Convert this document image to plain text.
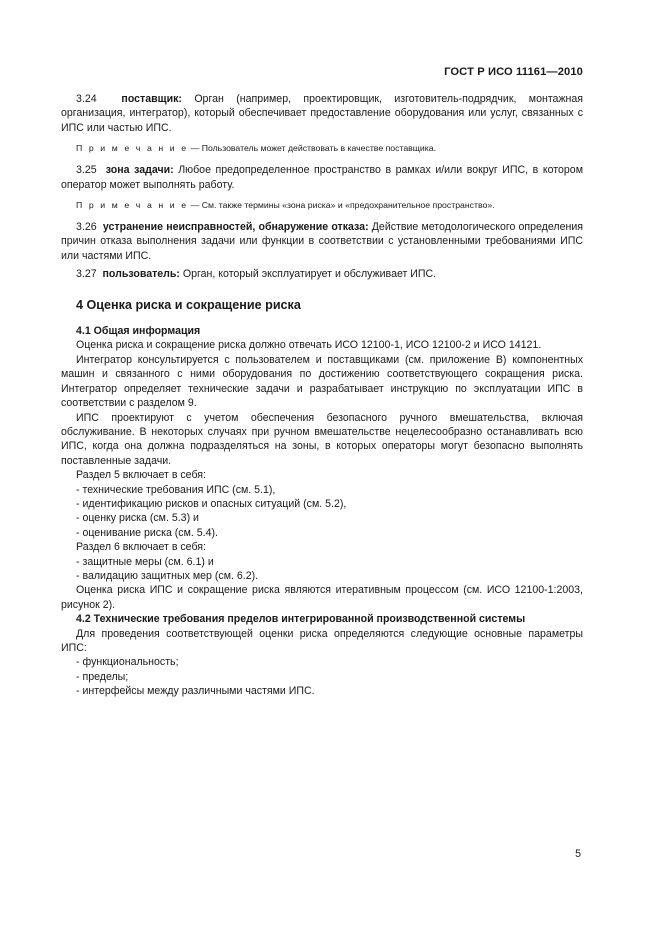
ГОСТ Р ИСО 11161—2010

3.24 поставщик: Орган (например, проектировщик, изготовитель-подрядчик, монтажная организация, интегратор), который обеспечивает предоставление оборудования или услуг, связанных с ИПС или частью ИПС.

П р и м е ч а н и е — Пользователь может действовать в качестве поставщика.

3.25 зона задачи: Любое предопределенное пространство в рамках и/или вокруг ИПС, в котором оператор может выполнять работу.

П р и м е ч а н и е — См. также термины «зона риска» и «предохранительное пространство».

3.26 устранение неисправностей, обнаружение отказа: Действие методологического определения причин отказа выполнения задачи или функции в соответствии с установленными требованиями ИПС или частями ИПС.

3.27 пользователь: Орган, который эксплуатирует и обслуживает ИПС.

4 Оценка риска и сокращение риска
4.1 Общая информация

Оценка риска и сокращение риска должно отвечать ИСО 12100-1, ИСО 12100-2 и ИСО 14121.

Интегратор консультируется с пользователем и поставщиками (см. приложение В) компонентных машин и связанного с ними оборудования по достижению соответствующего сокращения риска. Интегратор определяет технические задачи и разрабатывает инструкцию по эксплуатации ИПС в соответствии с разделом 9.

ИПС проектируют с учетом обеспечения безопасного ручного вмешательства, включая обслуживание. В некоторых случаях при ручном вмешательстве нецелесообразно останавливать всю ИПС, когда она должна подразделяться на зоны, в которых операторы могут безопасно выполнять поставленные задачи.

Раздел 5 включает в себя:

- технические требования ИПС (см. 5.1),
- идентификацию рисков и опасных ситуаций (см. 5.2),
- оценку риска (см. 5.3) и
- оценивание риска (см. 5.4).

Раздел 6 включает в себя:

- защитные меры (см. 6.1) и
- валидацию защитных мер (см. 6.2).

Оценка риска ИПС и сокращение риска являются итеративным процессом (см. ИСО 12100-1:2003, рисунок 2).

4.2 Технические требования пределов интегрированной производственной системы

Для проведения соответствующей оценки риска определяются следующие основные параметры ИПС:

- функциональность;
- пределы;
- интерфейсы между различными частями ИПС.
5
